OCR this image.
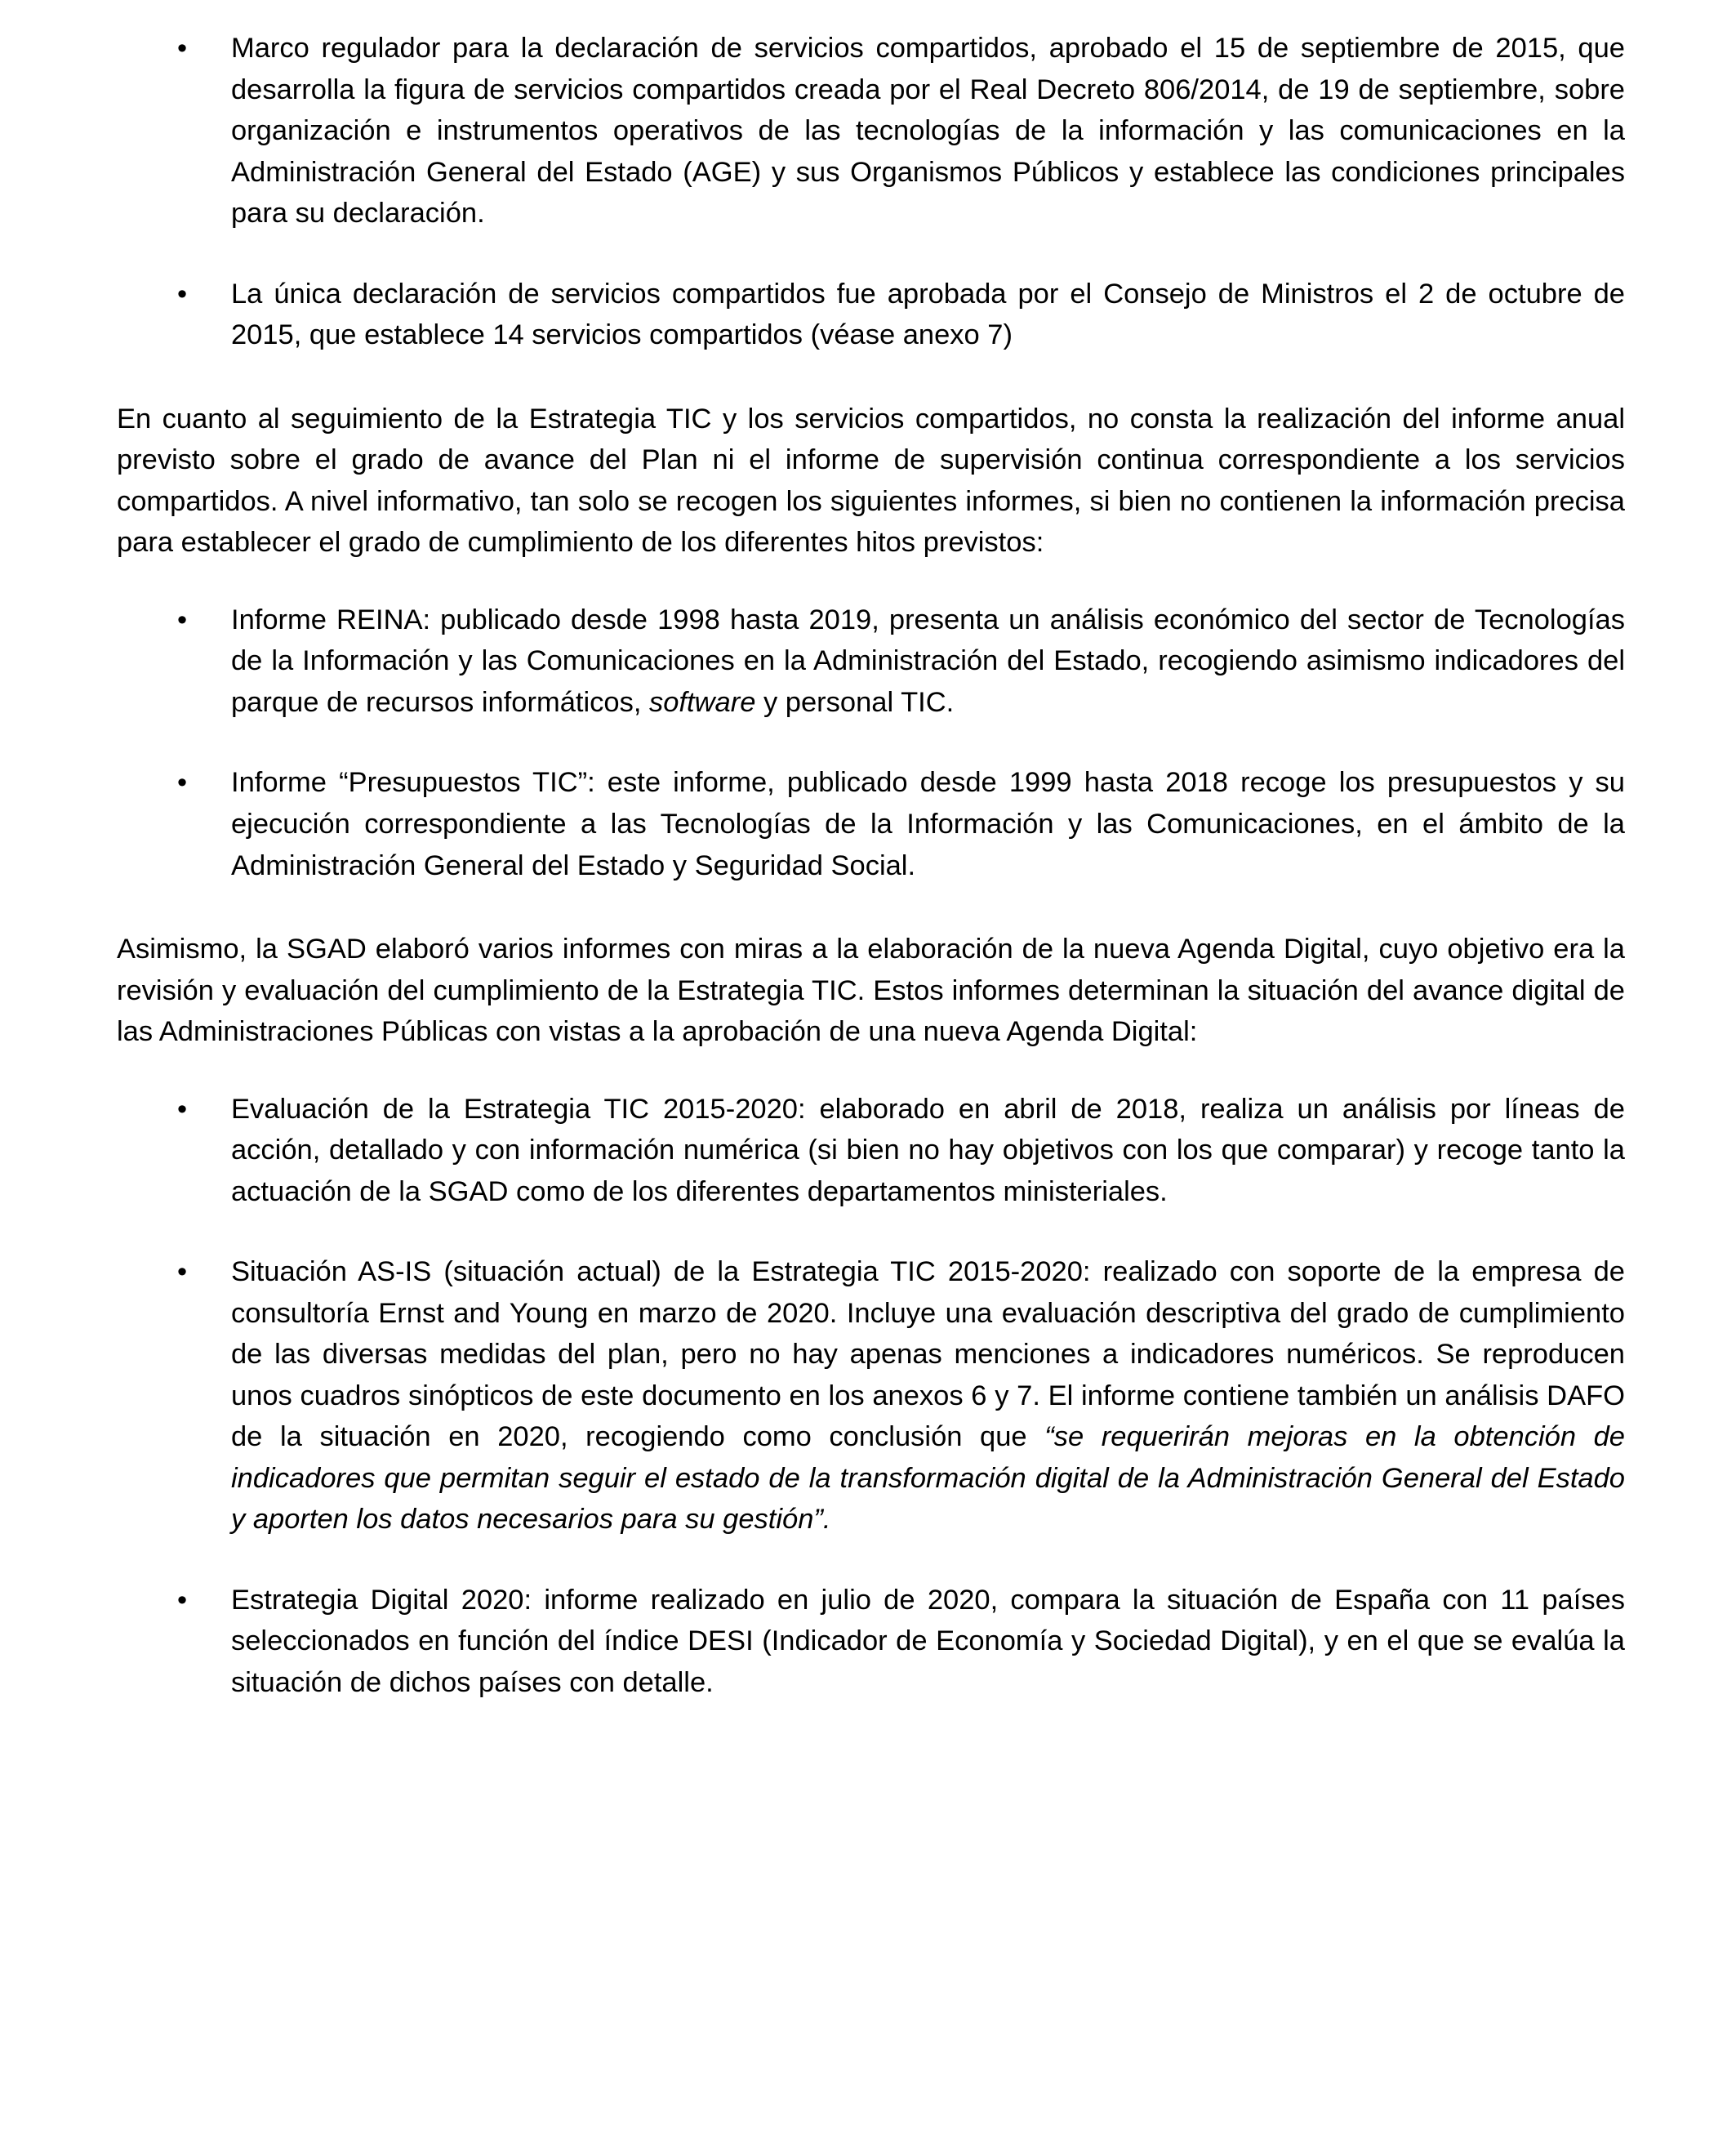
•	Marco regulador para la declaración de servicios compartidos, aprobado el 15 de septiembre de 2015, que desarrolla la figura de servicios compartidos creada por el Real Decreto 806/2014, de 19 de septiembre, sobre organización e instrumentos operativos de las tecnologías de la información y las comunicaciones en la Administración General del Estado (AGE) y sus Organismos Públicos y establece las condiciones principales para su declaración.
•	La única declaración de servicios compartidos fue aprobada por el Consejo de Ministros el 2 de octubre de 2015, que establece 14 servicios compartidos (véase anexo 7)

En cuanto al seguimiento de la Estrategia TIC y los servicios compartidos, no consta la realización del informe anual previsto sobre el grado de avance del Plan ni el informe de supervisión continua correspondiente a los servicios compartidos. A nivel informativo, tan solo se recogen los siguientes informes, si bien no contienen la información precisa para establecer el grado de cumplimiento de los diferentes hitos previstos:

•	Informe REINA: publicado desde 1998 hasta 2019, presenta un análisis económico del sector de Tecnologías de la Información y las Comunicaciones en la Administración del Estado, recogiendo asimismo indicadores del parque de recursos informáticos, software y personal TIC.
•	Informe “Presupuestos TIC”: este informe, publicado desde 1999 hasta 2018 recoge los presupuestos y su ejecución correspondiente a las Tecnologías de la Información y las Comunicaciones, en el ámbito de la Administración General del Estado y Seguridad Social.

Asimismo, la SGAD elaboró varios informes con miras a la elaboración de la nueva Agenda Digital, cuyo objetivo era la revisión y evaluación del cumplimiento de la Estrategia TIC. Estos informes determinan la situación del avance digital de las Administraciones Públicas con vistas a la aprobación de una nueva Agenda Digital:

•	Evaluación de la Estrategia TIC 2015-2020: elaborado en abril de 2018, realiza un análisis por líneas de acción, detallado y con información numérica (si bien no hay objetivos con los que comparar) y recoge tanto la actuación de la SGAD como de los diferentes departamentos ministeriales.
•	Situación AS-IS (situación actual) de la Estrategia TIC 2015-2020: realizado con soporte de la empresa de consultoría Ernst and Young en marzo de 2020. Incluye una evaluación descriptiva del grado de cumplimiento de las diversas medidas del plan, pero no hay apenas menciones a indicadores numéricos. Se reproducen unos cuadros sinópticos de este documento en los anexos 6 y 7. El informe contiene también un análisis DAFO de la situación en 2020, recogiendo como conclusión que “se requerirán mejoras en la obtención de indicadores que permitan seguir el estado de la transformación digital de la Administración General del Estado y aporten los datos necesarios para su gestión”.
•	Estrategia Digital 2020: informe realizado en julio de 2020, compara la situación de España con 11 países seleccionados en función del índice DESI (Indicador de Economía y Sociedad Digital), y en el que se evalúa la situación de dichos países con detalle.
